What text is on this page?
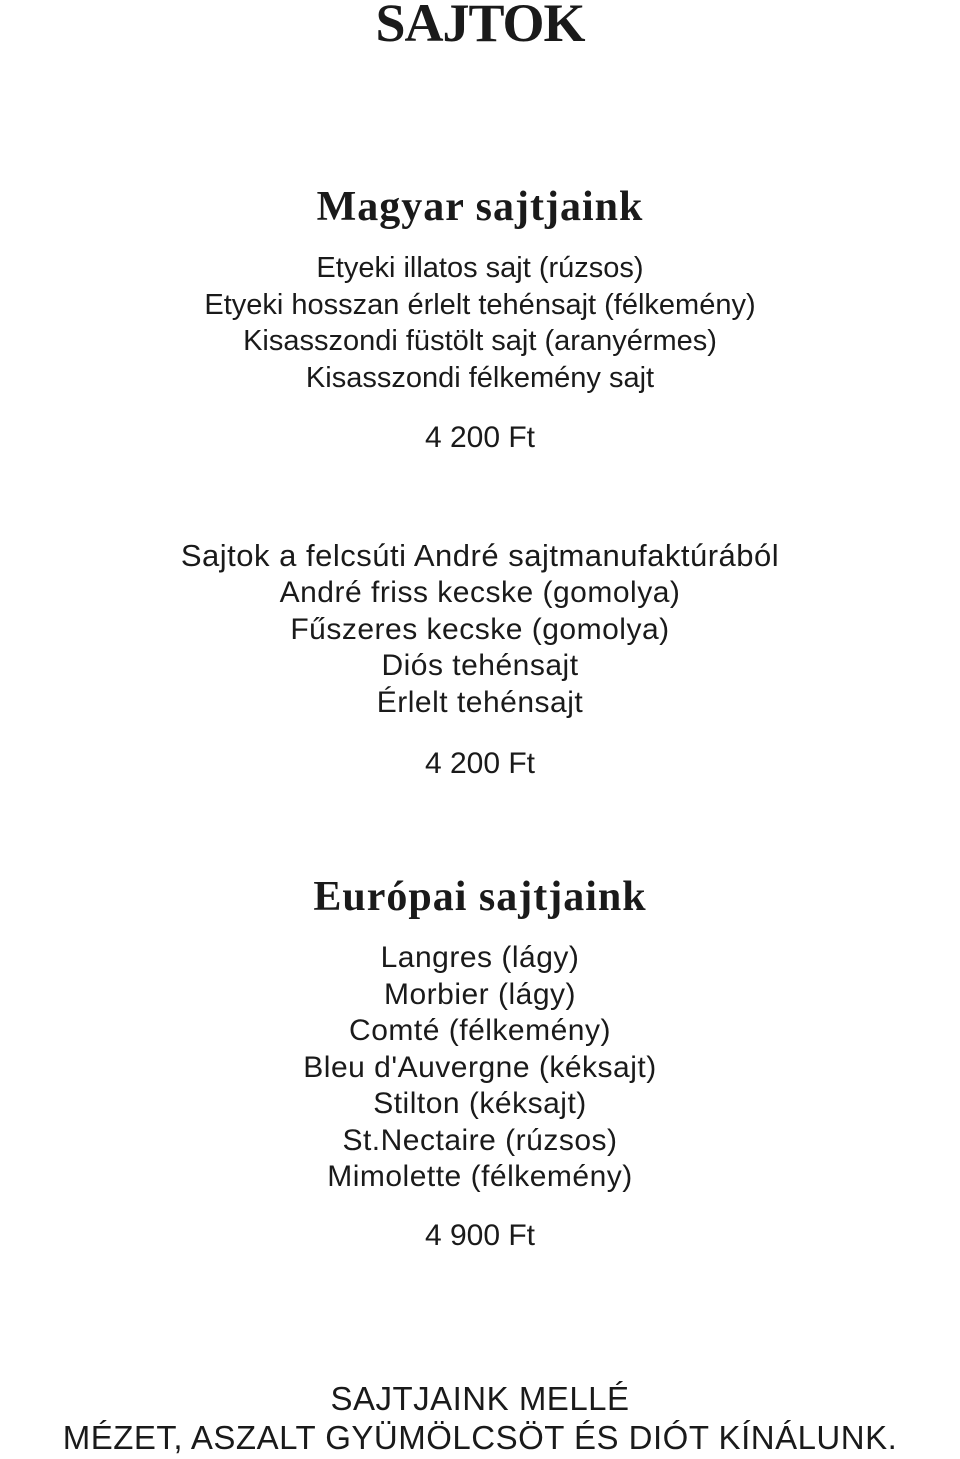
SAJTOK
Magyar sajtjaink
Etyeki illatos sajt (rúzsos)
Etyeki hosszan érlelt tehénsajt (félkemény)
Kisasszondi füstölt sajt (aranyérmes)
Kisasszondi félkemény sajt
4 200 Ft
Sajtok a felcsúti André sajtmanufaktúrából
André friss kecske (gomolya)
Fűszeres kecske (gomolya)
Diós tehénsajt
Érlelt tehénsajt
4 200 Ft
Európai sajtjaink
Langres (lágy)
Morbier (lágy)
Comté (félkemény)
Bleu d'Auvergne (kéksajt)
Stilton (kéksajt)
St.Nectaire (rúzsos)
Mimolette (félkemény)
4 900 Ft
SAJTJAINK MELLÉ
MÉZET, ASZALT GYÜMÖLCSÖT ÉS DIÓT KÍNÁLUNK.
